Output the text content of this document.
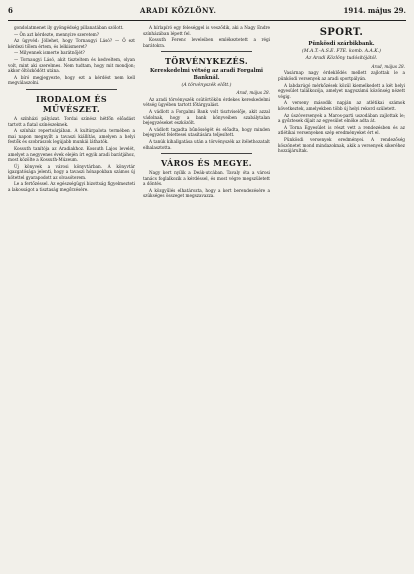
6	ARADI KÖZLÖNY.	1914. május 29.

gondolatmenet ily gyöngédség pillanatában szólott.

— Ön azt kérdezte, mennyire szeretem?

Az ügyvéd: Jóllehet, hogy Tornaugyi Lásó? — Ő ezt kérdezi tőlem értem, és lelkiismeret?

— Milyennek ismerte barátnőjét?

— Tornaugyi Lásó, akit tiszteltem és kedveltem, olyan volt, mint aki szerelmes. Nem tudtam, hogy mit mondjon; akkor öltözködött utána.

A bíró megjegyezte, hogy ezt a kérdést nem kell megválaszolni.

IRODALOM ÉS MŰVÉSZET.

A színházi pályázat. Tordai színész hétfőn előadást tartott a fiatal színészeknek.

A színház repertoárjában. A kultúrpalota termében a mai napon megnyílt a tavaszi kiállítás, amelyen a helyi festők és szobrászok legújabb munkái láthatók.

Kossuth tanítója az Aradiakhoz. Kossuth Lajos levelét, amelyet a negyvenes évek elején írt egyik aradi barátjához, most közölte a Kossuth-Múzeum.

Új könyvek a városi könyvtárban. A könyvtár igazgatósága jelenti, hogy a tavaszi hónapokban számos új kötettel gyarapodott az olvasóterem.

Le a fertőzéssel. Az egészségügyi bizottság figyelmezteti a lakosságot a tisztaság megőrzésére.

A hírlapíró egy feleséggel is vesződik, aki a Nagy Endre színházában lépett fel.

Kossuth Ferenc leveleiben emlékeztetett a régi barátokra.

TÖRVÉNYKEZÉS.
Kereskedelmi vétség az aradi Forgalmi Banknál.
(A törvényszék előtt.)
Arad, május 28.

Az aradi törvényszék csütörtökön érdekes kereskedelmi vétség ügyében tartott főtárgyalást.

A vádlott a Forgalmi Bank volt tisztviselője, akit azzal vádolnak, hogy a bank könyveiben szabálytalan bejegyzéseket eszközölt.

A vádlott tagadta bűnösségét és előadta, hogy minden bejegyzést felettesei utasítására teljesített.

A tanúk kihallgatása után a törvényszék az ítélethozatalt elhalasztotta.

VÁROS ÉS MEGYE.

Nagy kert nyílik a Deák-utcában. Tavaly óta a városi tanács foglalkozik a kérdéssel, és most végre megszületett a döntés.

A közgyűlés elhatározta, hogy a kert berendezésére a szükséges összeget megszavazza.

SPORT.
Pünkösdi szárbikbank.
(M.A.T.–A.S.E. FTE. komb. A.A.K.)
Az Aradi Közlöny tudósítójától.
Arad, május 28.

Vasárnap nagy érdeklődés mellett zajlottak le a pünkösdi versenyek az aradi sportpályán.

A labdarúgó mérkőzések közül kiemelkedett a két helyi egyesület találkozója, amelyet nagyszámú közönség nézett végig.

A verseny második napján az atlétikai számok következtek, amelyekben több új helyi rekord született.

Az úszóversenyek a Maros-parti uszodában zajlottak le; a győztesek díjait az egyesület elnöke adta át.

A Torna Egyesület is részt vett a rendezésben és az atlétikai versenyeken szép eredményeket ért el.

Pünkösdi versenyek eredményei. A rendezőség köszönetet mond mindazoknak, akik a versenyek sikeréhez hozzájárultak.
